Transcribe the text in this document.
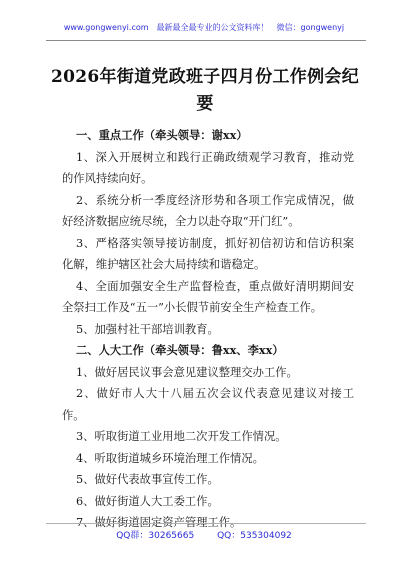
www.gongwenyi.com　最新最全最专业的公文资料库！　微信：gongwenyj
2026年街道党政班子四月份工作例会纪要

一、重点工作（牵头领导：谢xx）

1、深入开展树立和践行正确政绩观学习教育，推动党的作风持续向好。

2、系统分析一季度经济形势和各项工作完成情况，做好经济数据应统尽统，全力以赴夺取“开门红”。

3、严格落实领导接访制度，抓好初信初访和信访积案化解，维护辖区社会大局持续和谐稳定。

4、全面加强安全生产监督检查，重点做好清明期间安全祭扫工作及“五一”小长假节前安全生产检查工作。

5、加强村社干部培训教育。

二、人大工作（牵头领导：鲁xx、李xx）

1、做好居民议事会意见建议整理交办工作。

2、做好市人大十八届五次会议代表意见建议对接工作。

3、听取街道工业用地二次开发工作情况。

4、听取街道城乡环境治理工作情况。

5、做好代表故事宣传工作。

6、做好街道人大工委工作。

7、做好街道固定资产管理工作。

QQ群：30265665	QQ：535304092
